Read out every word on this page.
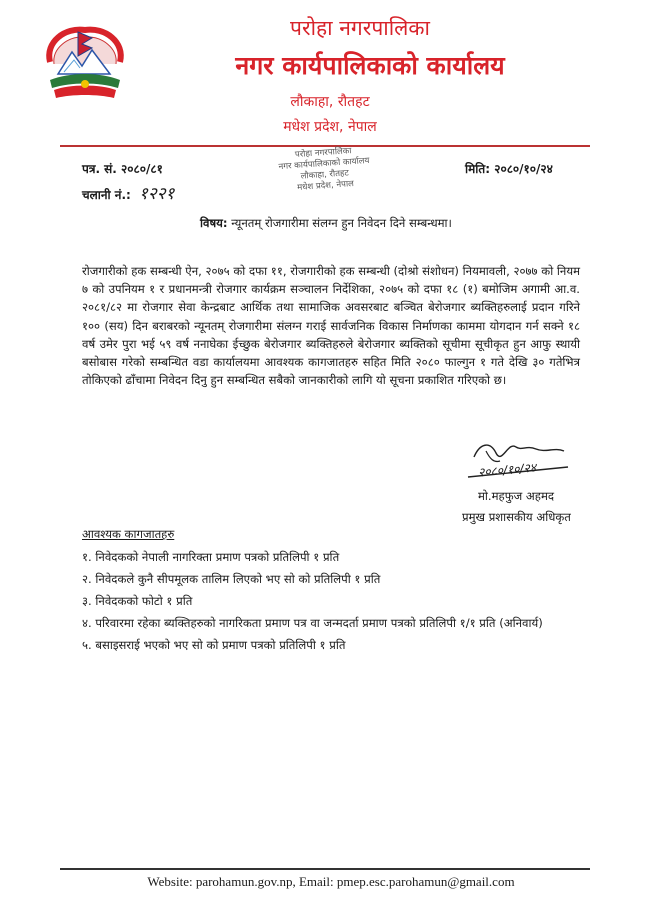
परोहा नगरपालिका
नगर कार्यपालिकाको कार्यालय
लौकाहा, रौतहट
मधेश प्रदेश, नेपाल
परोहा नगरपालिका
नगर कार्यपालिकाको कार्यालय
लौकाहा, रौतहट
मधेश प्रदेश, नेपाल
पत्र. सं. २०८०/८१
चलानी नं.: १२२१
मिति: २०८०/१०/२४
विषय: न्यूनतम् रोजगारीमा संलग्न हुन निवेदन दिने सम्बन्धमा।

रोजगारीको हक सम्बन्धी ऐन, २०७५ को दफा ११, रोजगारीको हक सम्बन्धी (दोश्रो संशोधन) नियमावली, २०७७ को नियम ७ को उपनियम १ र प्रधानमन्त्री रोजगार कार्यक्रम सञ्चालन निर्देशिका, २०७५ को दफा १८ (१) बमोजिम अगामी आ.व. २०८१/८२ मा रोजगार सेवा केन्द्रबाट आर्थिक तथा सामाजिक अवसरबाट बञ्चित बेरोजगार ब्यक्तिहरुलाई प्रदान गरिने १०० (सय) दिन बराबरको न्यूनतम् रोजगारीमा संलग्न गराई सार्वजनिक विकास निर्माणका काममा योगदान गर्न सक्ने १८ वर्ष उमेर पुरा भई ५९ वर्ष ननाघेका ईच्छुक बेरोजगार ब्यक्तिहरुले बेरोजगार ब्यक्तिको सूचीमा सूचीकृत हुन आफु स्थायी बसोबास गरेको सम्बन्धित वडा कार्यालयमा आवश्यक कागजातहरु सहित मिति २०८० फाल्गुन १ गते देखि ३० गतेभित्र तोकिएको ढाँचामा निवेदन दिनु हुन सम्बन्धित सबैको जानकारीको लागि यो सूचना प्रकाशित गरिएको छ।

२०८०/१०/२४
मो.महफुज अहमद
प्रमुख प्रशासकीय अधिकृत
आवश्यक कागजातहरु
१. निवेदकको नेपाली नागरिक्ता प्रमाण पत्रको प्रतिलिपी १ प्रति
२. निवेदकले कुनै सीपमूलक तालिम लिएको भए सो को प्रतिलिपी १ प्रति
३. निवेदकको फोटो १ प्रति
४. परिवारमा रहेका ब्यक्तिहरुको नागरिकता प्रमाण पत्र वा जन्मदर्ता प्रमाण पत्रको प्रतिलिपी १/१ प्रति (अनिवार्य)
५. बसाइसराई भएको भए सो को प्रमाण पत्रको प्रतिलिपी १ प्रति
Website: parohamun.gov.np, Email: pmep.esc.parohamun@gmail.com
